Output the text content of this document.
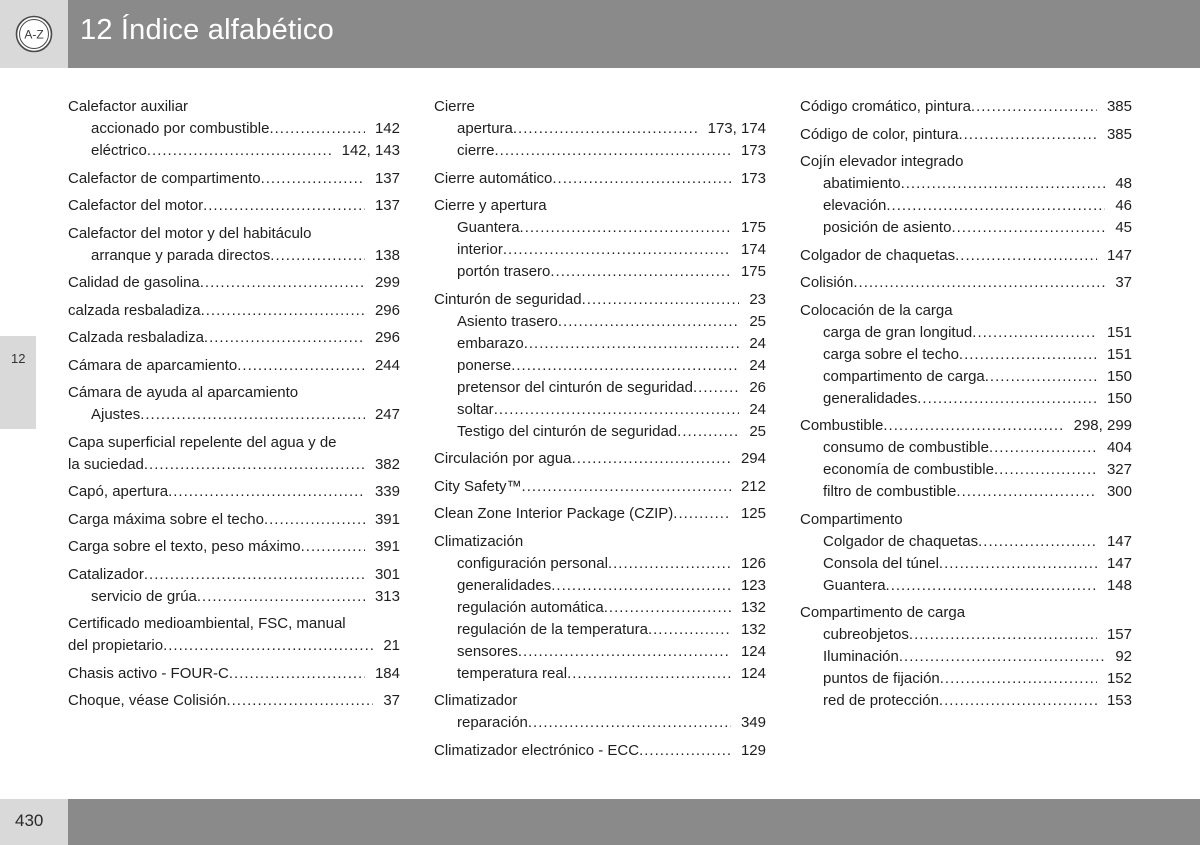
A-Z 12 Índice alfabético
12
Calefactor auxiliar
accionado por combustible .....	142
eléctrico .....	142, 143
Calefactor de compartimento .....	137
Calefactor del motor .....	137
Calefactor del motor y del habitáculo
arranque y parada directos .....	138
Calidad de gasolina .....	299
calzada resbaladiza .....	296
Calzada resbaladiza .....	296
Cámara de aparcamiento .....	244
Cámara de ayuda al aparcamiento
Ajustes .....	247
Capa superficial repelente del agua y de
la suciedad .....	382
Capó, apertura .....	339
Carga máxima sobre el techo .....	391
Carga sobre el texto, peso máximo .....	391
Catalizador .....	301
servicio de grúa .....	313
Certificado medioambiental, FSC, manual
del propietario .....	21
Chasis activo - FOUR-C .....	184
Choque, véase Colisión .....	37
Cierre
apertura .....	173, 174
cierre .....	173
Cierre automático .....	173
Cierre y apertura
Guantera .....	175
interior .....	174
portón trasero .....	175
Cinturón de seguridad .....	23
Asiento trasero .....	25
embarazo .....	24
ponerse .....	24
pretensor del cinturón de seguridad .....	26
soltar .....	24
Testigo del cinturón de seguridad .....	25
Circulación por agua .....	294
City Safety™ .....	212
Clean Zone Interior Package (CZIP) .....	125
Climatización
configuración personal .....	126
generalidades .....	123
regulación automática .....	132
regulación de la temperatura .....	132
sensores .....	124
temperatura real .....	124
Climatizador
reparación .....	349
Climatizador electrónico - ECC .....	129
Código cromático, pintura .....	385
Código de color, pintura .....	385
Cojín elevador integrado
abatimiento .....	48
elevación .....	46
posición de asiento .....	45
Colgador de chaquetas .....	147
Colisión .....	37
Colocación de la carga
carga de gran longitud .....	151
carga sobre el techo .....	151
compartimento de carga .....	150
generalidades .....	150
Combustible .....	298, 299
consumo de combustible .....	404
economía de combustible .....	327
filtro de combustible .....	300
Compartimento
Colgador de chaquetas .....	147
Consola del túnel .....	147
Guantera .....	148
Compartimento de carga
cubreobjetos .....	157
Iluminación .....	92
puntos de fijación .....	152
red de protección .....	153
430
